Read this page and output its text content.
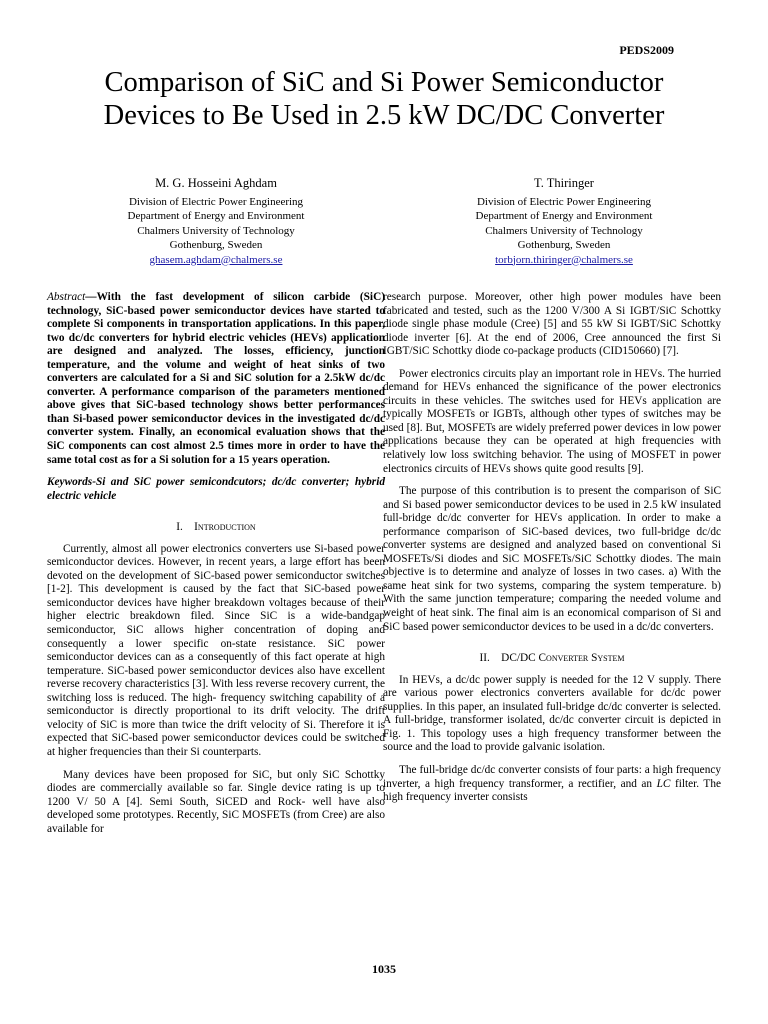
PEDS2009
Comparison of SiC and Si Power Semiconductor
Devices to Be Used in 2.5 kW DC/DC Converter
M. G. Hosseini Aghdam
Division of Electric Power Engineering
Department of Energy and Environment
Chalmers University of Technology
Gothenburg, Sweden
ghasem.aghdam@chalmers.se
T. Thiringer
Division of Electric Power Engineering
Department of Energy and Environment
Chalmers University of Technology
Gothenburg, Sweden
torbjorn.thiringer@chalmers.se

Abstract—With the fast development of silicon carbide (SiC) technology, SiC-based power semiconductor devices have started to complete Si components in transportation applications. In this paper, two dc/dc converters for hybrid electric vehicles (HEVs) application are designed and analyzed. The losses, efficiency, junction temperature, and the volume and weight of heat sinks of two converters are calculated for a Si and SiC solution for a 2.5kW dc/dc converter. A performance comparison of the parameters mentioned above gives that SiC-based technology shows better performances than Si-based power semiconductor devices in the investigated dc/dc converter system. Finally, an economical evaluation shows that the SiC components can cost almost 2.5 times more in order to have the same total cost as for a Si solution for a 15 years operation.

Keywords-Si and SiC power semicondcutors; dc/dc converter; hybrid electric vehicle

I. Introduction

Currently, almost all power electronics converters use Si-based power semiconductor devices. However, in recent years, a large effort has been devoted on the development of SiC-based power semiconductor switches [1-2]. This development is caused by the fact that SiC-based power semiconductor devices have higher breakdown voltages because of their higher electric breakdown filed. Since SiC is a wide-bandgap semiconductor, SiC allows higher concentration of doping and consequently a lower specific on-state resistance. SiC power semiconductor devices can as a consequently of this fact operate at high temperature. SiC-based power semiconductor devices also have excellent reverse recovery characteristics [3]. With less reverse recovery current, the switching loss is reduced. The high- frequency switching capability of a semiconductor is directly proportional to its drift velocity. The drift velocity of SiC is more than twice the drift velocity of Si. Therefore it is expected that SiC-based power semiconductor devices could be switched at higher frequencies than their Si counterparts.

Many devices have been proposed for SiC, but only SiC Schottky diodes are commercially available so far. Single device rating is up to 1200 V/ 50 A [4]. Semi South, SiCED and Rock- well have also developed some prototypes. Recently, SiC MOSFETs (from Cree) are also available for

research purpose. Moreover, other high power modules have been fabricated and tested, such as the 1200 V/300 A Si IGBT/SiC Schottky diode single phase module (Cree) [5] and 55 kW Si IGBT/SiC Schottky diode inverter [6]. At the end of 2006, Cree announced the first Si IGBT/SiC Schottky diode co-package products (CID150660) [7].

Power electronics circuits play an important role in HEVs. The hurried demand for HEVs enhanced the significance of the power electronics circuits in these vehicles. The switches used for HEVs application are typically MOSFETs or IGBTs, although other types of switches may be used [8]. But, MOSFETs are widely preferred power devices in low power applications because they can be operated at high frequencies with relatively low loss switching behavior. The using of MOSFET in power electronics circuits of HEVs shows quite good results [9].

The purpose of this contribution is to present the comparison of SiC and Si based power semiconductor devices to be used in 2.5 kW insulated full-bridge dc/dc converter for HEVs application. In order to make a performance comparison of SiC-based devices, two full-bridge dc/dc converter systems are designed and analyzed based on conventional Si MOSFETs/Si diodes and SiC MOSFETs/SiC Schottky diodes. The main objective is to determine and analyze of losses in two cases. a) With the same heat sink for two systems, comparing the system temperature. b) With the same junction temperature; comparing the needed volume and weight of heat sink. The final aim is an economical comparison of Si and SiC based power semiconductor devices to be used in a dc/dc converters.

II. DC/DC Converter System

In HEVs, a dc/dc power supply is needed for the 12 V supply. There are various power electronics converters available for dc/dc power supplies. In this paper, an insulated full-bridge dc/dc converter is selected. A full-bridge, transformer isolated, dc/dc converter circuit is depicted in Fig. 1. This topology uses a high frequency transformer between the source and the load to provide galvanic isolation.

The full-bridge dc/dc converter consists of four parts: a high frequency inverter, a high frequency transformer, a rectifier, and an LC filter. The high frequency inverter consists

1035
